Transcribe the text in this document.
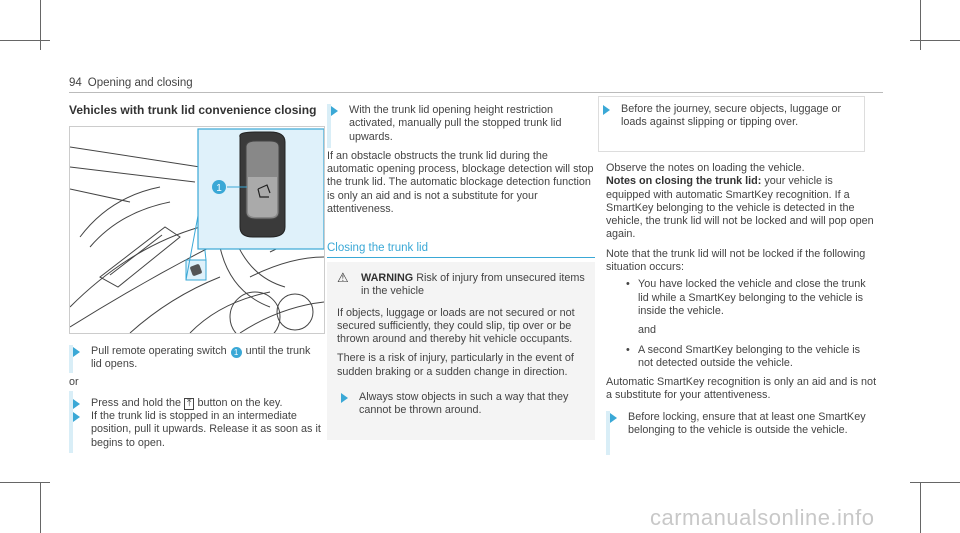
94 Opening and closing
Vehicles with trunk lid convenience closing
1

Pull remote operating switch 1 until the trunk lid opens.

or

Press and hold the ⤒ button on the key.

If the trunk lid is stopped in an intermediate position, pull it upwards. Release it as soon as it begins to open.

With the trunk lid opening height restriction activated, manually pull the stopped trunk lid upwards.

If an obstacle obstructs the trunk lid during the automatic opening process, blockage detection will stop the trunk lid. The automatic blockage detection function is only an aid and is not a substitute for your attentiveness.

Closing the trunk lid
⚠ WARNING Risk of injury from unsecured items in the vehicle

If objects, luggage or loads are not secured or not secured sufficiently, they could slip, tip over or be thrown around and thereby hit vehicle occupants.

There is a risk of injury, particularly in the event of sudden braking or a sudden change in direction.

Always stow objects in such a way that they cannot be thrown around.

Before the journey, secure objects, luggage or loads against slipping or tipping over.

Observe the notes on loading the vehicle.

Notes on closing the trunk lid: your vehicle is equipped with automatic SmartKey recognition. If a SmartKey belonging to the vehicle is detected in the vehicle, the trunk lid will not be locked and will pop open again.

Note that the trunk lid will not be locked if the following situation occurs:

• You have locked the vehicle and close the trunk lid while a SmartKey belonging to the vehicle is inside the vehicle.

and

• A second SmartKey belonging to the vehicle is not detected outside the vehicle.

Automatic SmartKey recognition is only an aid and is not a substitute for your attentiveness.

Before locking, ensure that at least one SmartKey belonging to the vehicle is outside the vehicle.

carmanualsonline.info
